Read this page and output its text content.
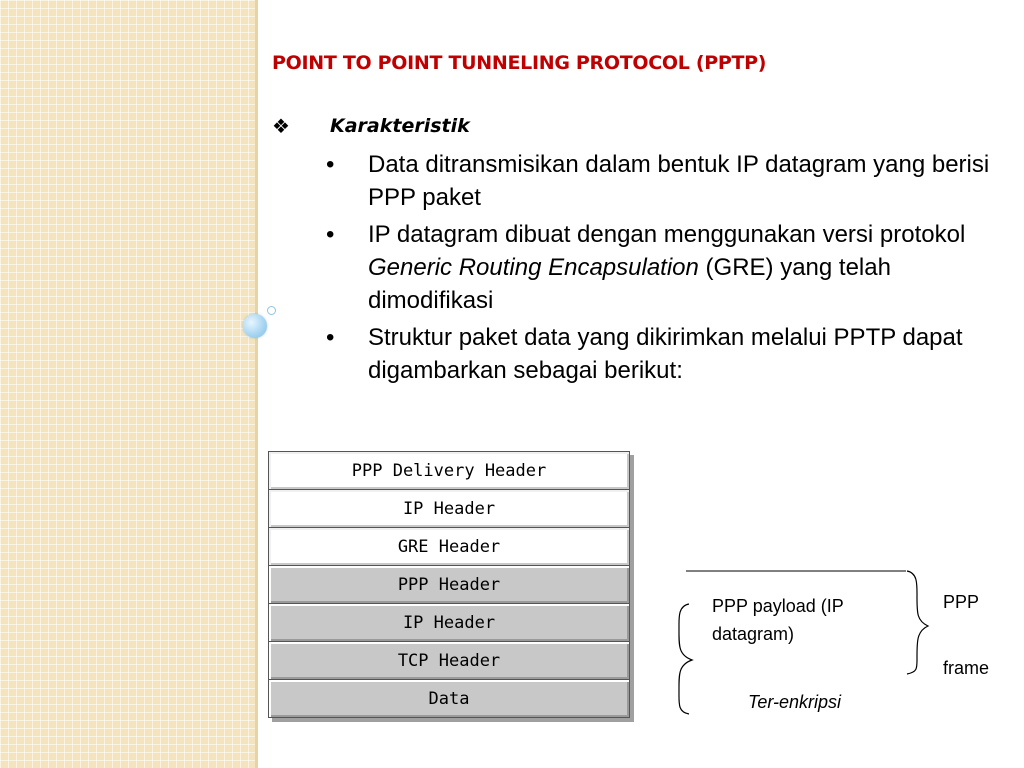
POINT TO POINT TUNNELING PROTOCOL (PPTP)
❖ Karakteristik
• Data ditransmisikan dalam bentuk IP datagram yang berisi PPP paket
• IP datagram dibuat dengan menggunakan versi protokol Generic Routing Encapsulation (GRE) yang telah dimodifikasi
• Struktur paket data yang dikirimkan melalui PPTP dapat digambarkan sebagai berikut:
PPP Delivery Header
IP Header
GRE Header
PPP Header
IP Header
TCP Header
Data
PPP payload (IP datagram)
PPP
frame
Ter-enkripsi
